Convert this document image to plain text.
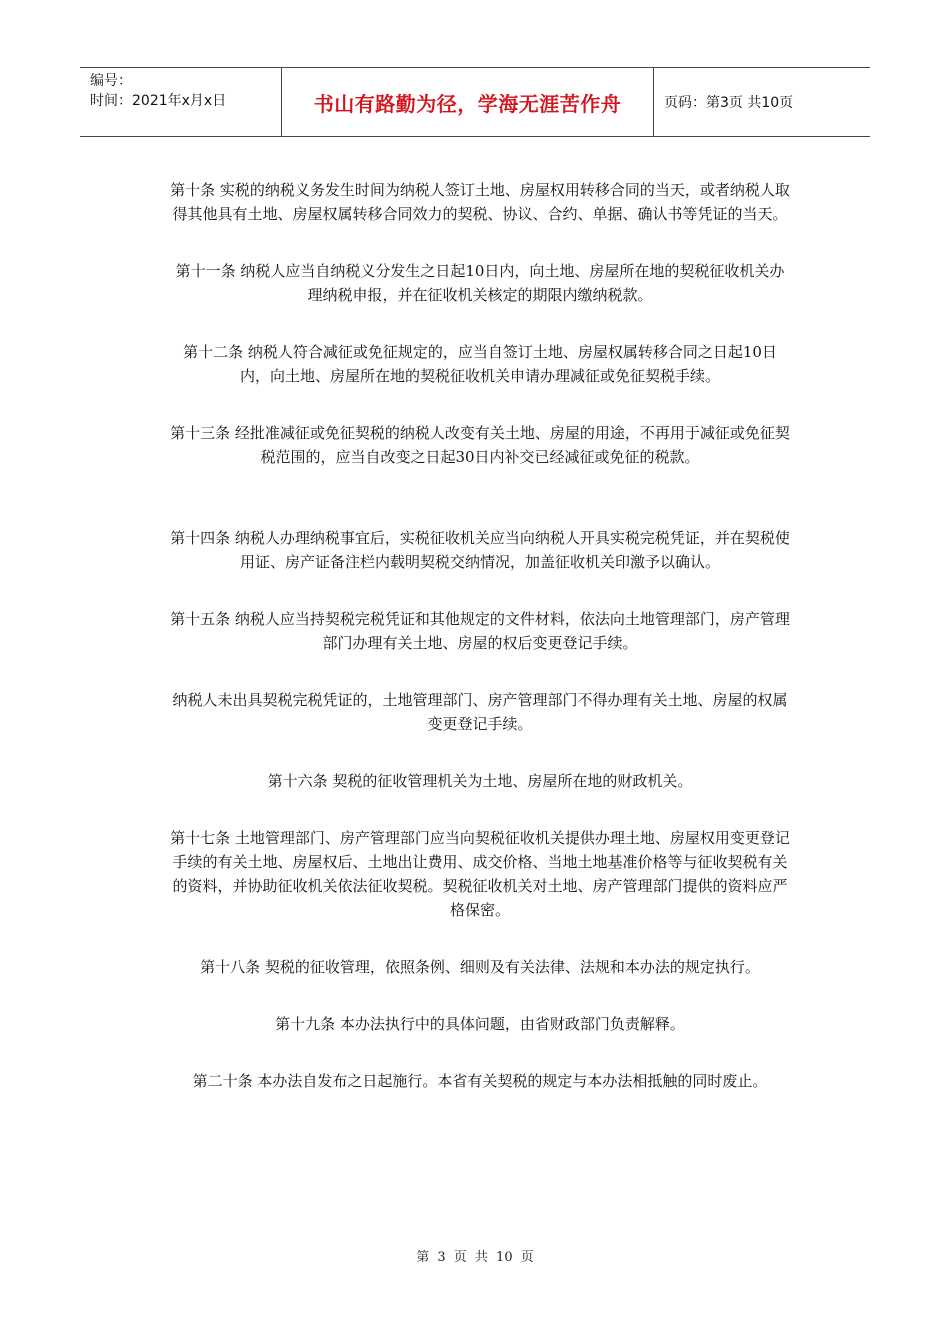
编号：
时间：2021年x月x日	书山有路勤为径，学海无涯苦作舟	页码：第3页 共10页

第十条 实税的纳税义务发生时间为纳税人签订土地、房屋权用转移合同的当天，或者纳税人取得其他具有土地、房屋权属转移合同效力的契税、协议、合约、单据、确认书等凭证的当天。

第十一条 纳税人应当自纳税义分发生之日起10日内，向土地、房屋所在地的契税征收机关办理纳税申报，并在征收机关核定的期限内缴纳税款。

第十二条 纳税人符合减征或免征规定的，应当自签订土地、房屋权属转移合同之日起10日内，向土地、房屋所在地的契税征收机关申请办理减征或免征契税手续。

第十三条 经批准减征或免征契税的纳税人改变有关土地、房屋的用途，不再用于减征或免征契税范围的，应当自改变之日起30日内补交已经减征或免征的税款。

第十四条 纳税人办理纳税事宜后，实税征收机关应当向纳税人开具实税完税凭证，并在契税使用证、房产证备注栏内载明契税交纳情况，加盖征收机关印激予以确认。

第十五条 纳税人应当持契税完税凭证和其他规定的文件材料，依法向土地管理部门，房产管理部门办理有关土地、房屋的权后变更登记手续。

纳税人未出具契税完税凭证的，土地管理部门、房产管理部门不得办理有关土地、房屋的权属变更登记手续。

第十六条 契税的征收管理机关为土地、房屋所在地的财政机关。

第十七条 土地管理部门、房产管理部门应当向契税征收机关提供办理土地、房屋权用变更登记手续的有关土地、房屋权后、土地出让费用、成交价格、当地土地基准价格等与征收契税有关的资料，并协助征收机关依法征收契税。契税征收机关对土地、房产管理部门提供的资料应严格保密。

第十八条 契税的征收管理，依照条例、细则及有关法律、法规和本办法的规定执行。

第十九条 本办法执行中的具体问题，由省财政部门负责解释。

第二十条 本办法自发布之日起施行。本省有关契税的规定与本办法相抵触的同时废止。

第 3 页 共 10 页
